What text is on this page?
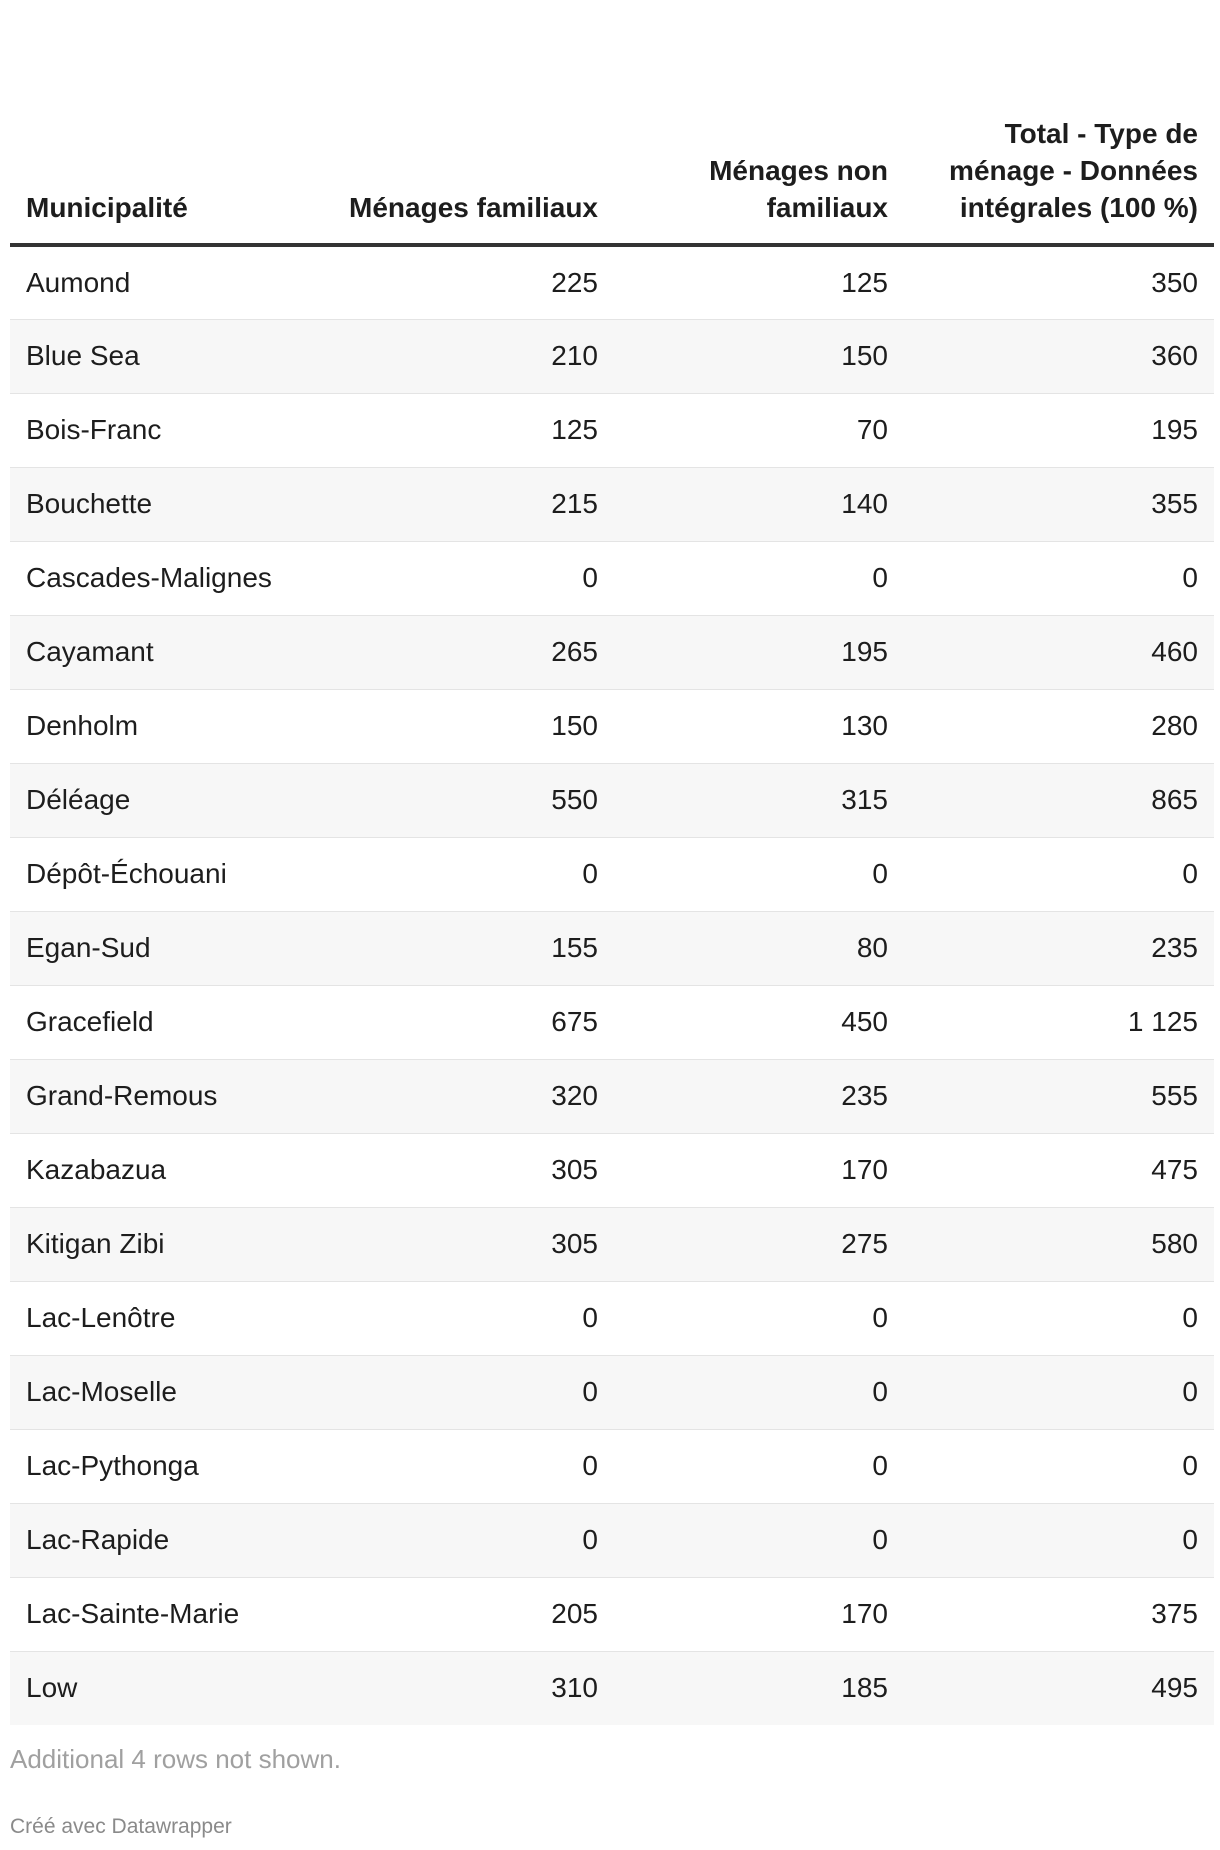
Municipalité	Ménages familiaux	Ménages non familiaux	Total - Type de ménage - Données intégrales (100 %)
Aumond	225	125	350
Blue Sea	210	150	360
Bois-Franc	125	70	195
Bouchette	215	140	355
Cascades-Malignes	0	0	0
Cayamant	265	195	460
Denholm	150	130	280
Déléage	550	315	865
Dépôt-Échouani	0	0	0
Egan-Sud	155	80	235
Gracefield	675	450	1 125
Grand-Remous	320	235	555
Kazabazua	305	170	475
Kitigan Zibi	305	275	580
Lac-Lenôtre	0	0	0
Lac-Moselle	0	0	0
Lac-Pythonga	0	0	0
Lac-Rapide	0	0	0
Lac-Sainte-Marie	205	170	375
Low	310	185	495
Additional 4 rows not shown.
Créé avec Datawrapper
